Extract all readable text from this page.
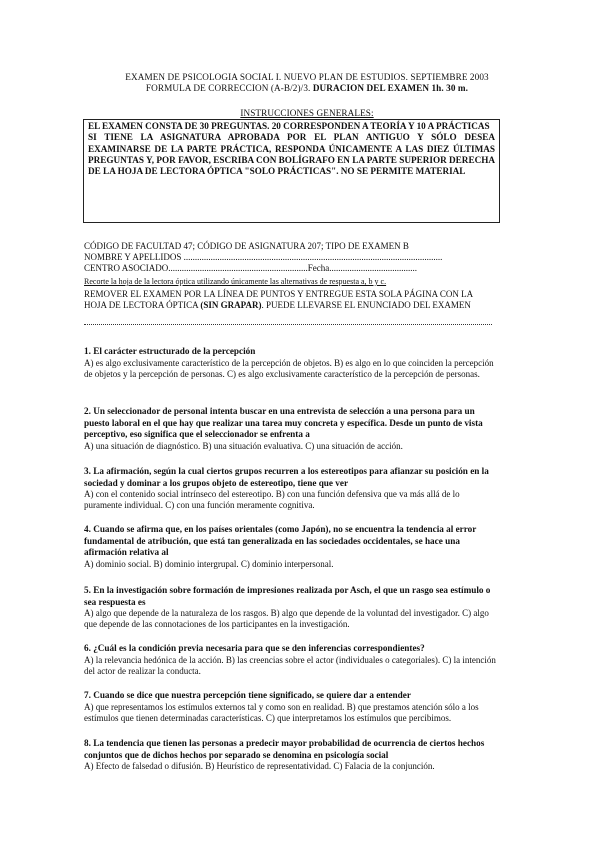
EXAMEN DE PSICOLOGIA SOCIAL I. NUEVO PLAN DE ESTUDIOS. SEPTIEMBRE 2003
FORMULA DE CORRECCION (A-B/2)/3. DURACION DEL EXAMEN 1h. 30 m.
INSTRUCCIONES GENERALES:

EL EXAMEN CONSTA DE 30 PREGUNTAS. 20 CORRESPONDEN A TEORÍA Y 10 A PRÁCTICAS

SI TIENE LA ASIGNATURA APROBADA POR EL PLAN ANTIGUO Y SÓLO DESEA EXAMINARSE DE LA PARTE PRÁCTICA, RESPONDA ÚNICAMENTE A LAS DIEZ ÚLTIMAS PREGUNTAS Y, POR FAVOR, ESCRIBA CON BOLÍGRAFO EN LA PARTE SUPERIOR DERECHA DE LA HOJA DE LECTORA ÓPTICA "SOLO PRÁCTICAS". NO SE PERMITE MATERIAL

CÓDIGO DE FACULTAD 47; CÓDIGO DE ASIGNATURA 207; TIPO DE EXAMEN B
NOMBRE Y APELLIDOS ...................................................................................................................
CENTRO ASOCIADO..............................................................Fecha.......................................
Recorte la hoja de la lectora óptica utilizando únicamente las alternativas de respuesta a, b y c.
REMOVER EL EXAMEN POR LA LÍNEA DE PUNTOS Y ENTREGUE ESTA SOLA PÁGINA CON LA HOJA DE LECTORA ÓPTICA (SIN GRAPAR). PUEDE LLEVARSE EL ENUNCIADO DEL EXAMEN

1. El carácter estructurado de la percepción

A) es algo exclusivamente característico de la percepción de objetos. B) es algo en lo que coinciden la percepción de objetos y la percepción de personas. C) es algo exclusivamente característico de la percepción de personas.

2. Un seleccionador de personal intenta buscar en una entrevista de selección a una persona para un puesto laboral en el que hay que realizar una tarea muy concreta y específica. Desde un punto de vista perceptivo, eso significa que el seleccionador se enfrenta a

A) una situación de diagnóstico. B) una situación evaluativa. C) una situación de acción.

3. La afirmación, según la cual ciertos grupos recurren a los estereotipos para afianzar su posición en la sociedad y dominar a los grupos objeto de estereotipo, tiene que ver

A) con el contenido social intrínseco del estereotipo. B) con una función defensiva que va más allá de lo puramente individual. C) con una función meramente cognitiva.

4. Cuando se afirma que, en los países orientales (como Japón), no se encuentra la tendencia al error fundamental de atribución, que está tan generalizada en las sociedades occidentales, se hace una afirmación relativa al

A) dominio social. B) dominio intergrupal. C) dominio interpersonal.

5. En la investigación sobre formación de impresiones realizada por Asch, el que un rasgo sea estímulo o sea respuesta es

A) algo que depende de la naturaleza de los rasgos. B) algo que depende de la voluntad del investigador. C) algo que depende de las connotaciones de los participantes en la investigación.

6. ¿Cuál es la condición previa necesaria para que se den inferencias correspondientes?

A) la relevancia hedónica de la acción. B) las creencias sobre el actor (individuales o categoriales). C) la intención del actor de realizar la conducta.

7. Cuando se dice que nuestra percepción tiene significado, se quiere dar a entender

A) que representamos los estímulos externos tal y como son en realidad. B) que prestamos atención sólo a los estímulos que tienen determinadas características. C) que interpretamos los estímulos que percibimos.

8. La tendencia que tienen las personas a predecir mayor probabilidad de ocurrencia de ciertos hechos conjuntos que de dichos hechos por separado se denomina en psicología social

A) Efecto de falsedad o difusión. B) Heurístico de representatividad. C) Falacia de la conjunción.
